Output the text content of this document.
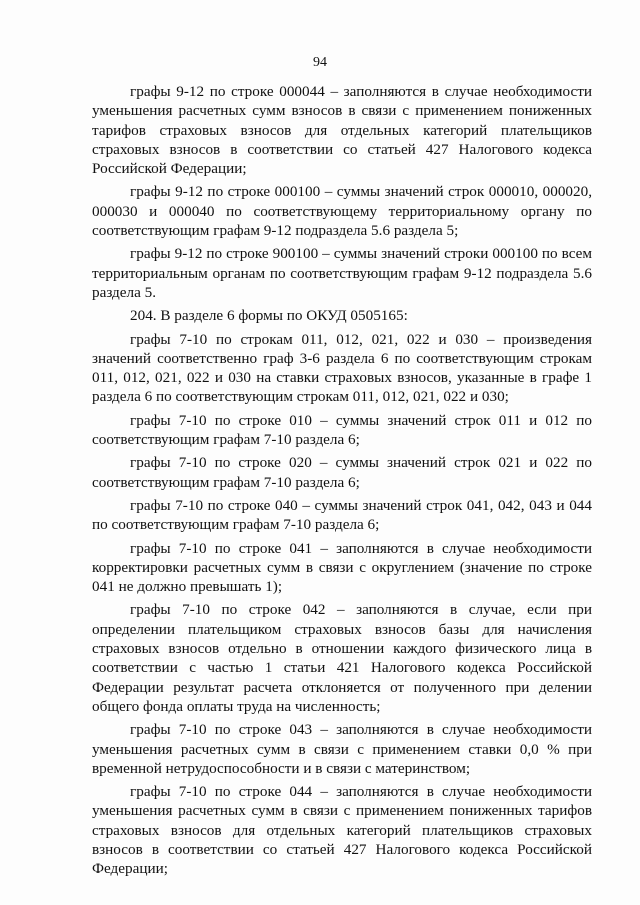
94

графы 9-12 по строке 000044 – заполняются в случае необходимости уменьшения расчетных сумм взносов в связи с применением пониженных тарифов страховых взносов для отдельных категорий плательщиков страховых взносов в соответствии со статьей 427 Налогового кодекса Российской Федерации;

графы 9-12 по строке 000100 – суммы значений строк 000010, 000020, 000030 и 000040 по соответствующему территориальному органу по соответствующим графам 9-12 подраздела 5.6 раздела 5;

графы 9-12 по строке 900100 – суммы значений строки 000100 по всем территориальным органам по соответствующим графам 9-12 подраздела 5.6 раздела 5.

204. В разделе 6 формы по ОКУД 0505165:

графы 7-10 по строкам 011, 012, 021, 022 и 030 – произведения значений соответственно граф 3-6 раздела 6 по соответствующим строкам 011, 012, 021, 022 и 030 на ставки страховых взносов, указанные в графе 1 раздела 6 по соответствующим строкам 011, 012, 021, 022 и 030;

графы 7-10 по строке 010 – суммы значений строк 011 и 012 по соответствующим графам 7-10 раздела 6;

графы 7-10 по строке 020 – суммы значений строк 021 и 022 по соответствующим графам 7-10 раздела 6;

графы 7-10 по строке 040 – суммы значений строк 041, 042, 043 и 044 по соответствующим графам 7-10 раздела 6;

графы 7-10 по строке 041 – заполняются в случае необходимости корректировки расчетных сумм в связи с округлением (значение по строке 041 не должно превышать 1);

графы 7-10 по строке 042 – заполняются в случае, если при определении плательщиком страховых взносов базы для начисления страховых взносов отдельно в отношении каждого физического лица в соответствии с частью 1 статьи 421 Налогового кодекса Российской Федерации результат расчета отклоняется от полученного при делении общего фонда оплаты труда на численность;

графы 7-10 по строке 043 – заполняются в случае необходимости уменьшения расчетных сумм в связи с применением ставки 0,0 % при временной нетрудоспособности и в связи с материнством;

графы 7-10 по строке 044 – заполняются в случае необходимости уменьшения расчетных сумм в связи с применением пониженных тарифов страховых взносов для отдельных категорий плательщиков страховых взносов в соответствии со статьей 427 Налогового кодекса Российской Федерации;
